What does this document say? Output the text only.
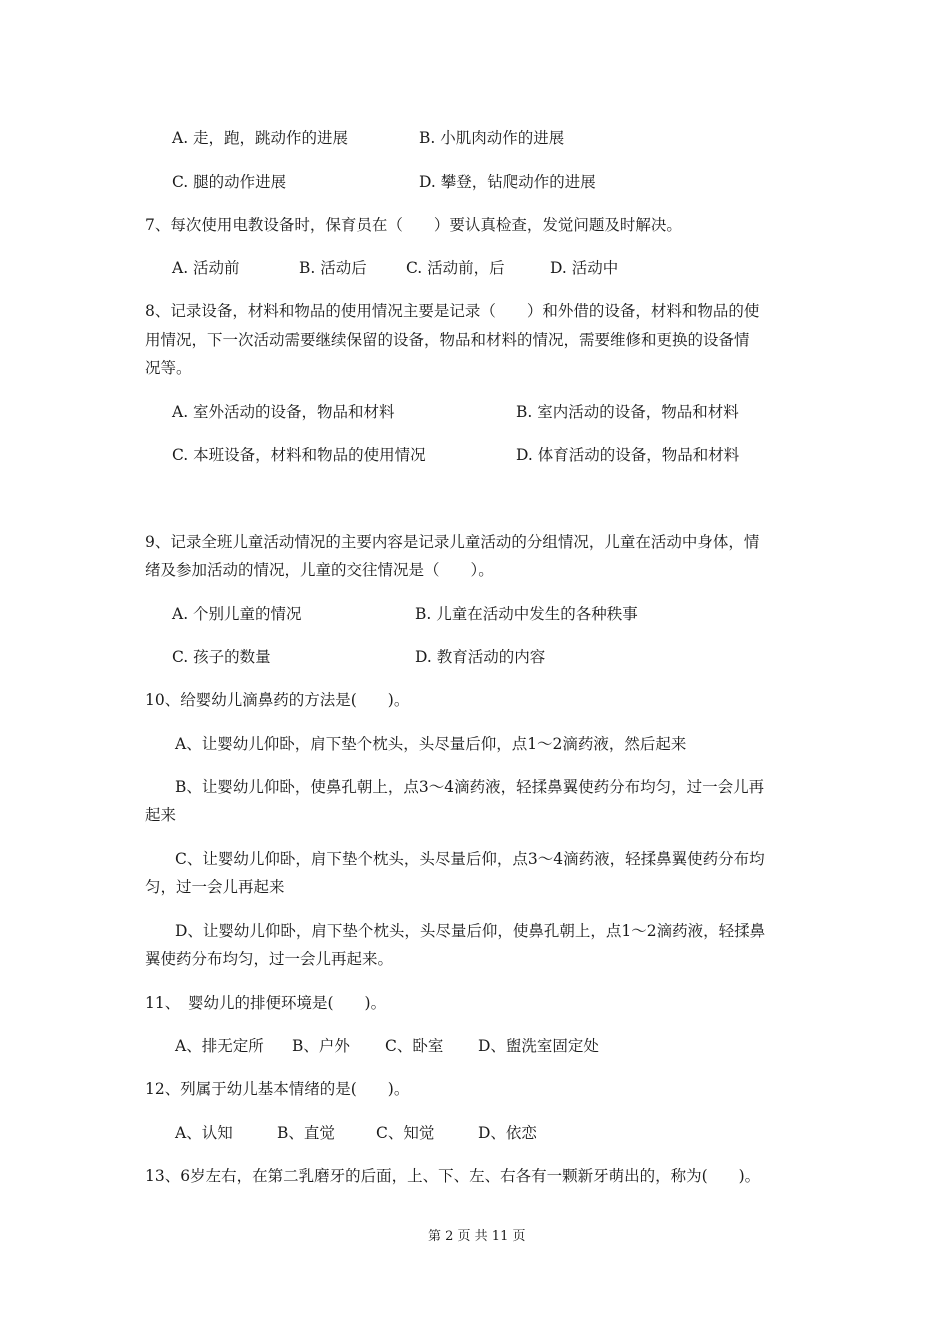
A. 走，跑，跳动作的进展	B. 小肌肉动作的进展
C. 腿的动作进展	D. 攀登，钻爬动作的进展
7、每次使用电教设备时，保育员在（　　）要认真检查，发觉问题及时解决。
A. 活动前	B. 活动后	C. 活动前，后	D. 活动中
8、记录设备，材料和物品的使用情况主要是记录（　　）和外借的设备，材料和物品的使
用情况，下一次活动需要继续保留的设备，物品和材料的情况，需要维修和更换的设备情
况等。
A. 室外活动的设备，物品和材料	B. 室内活动的设备，物品和材料
C. 本班设备，材料和物品的使用情况	D. 体育活动的设备，物品和材料
9、记录全班儿童活动情况的主要内容是记录儿童活动的分组情况，儿童在活动中身体，情
绪及参加活动的情况，儿童的交往情况是（　　）。
A. 个别儿童的情况	B. 儿童在活动中发生的各种秩事
C. 孩子的数量	D. 教育活动的内容
10、给婴幼儿滴鼻药的方法是(　　)。
A、让婴幼儿仰卧，肩下垫个枕头，头尽量后仰，点1～2滴药液，然后起来
B、让婴幼儿仰卧，使鼻孔朝上，点3～4滴药液，轻揉鼻翼使药分布均匀，过一会儿再
起来
C、让婴幼儿仰卧，肩下垫个枕头，头尽量后仰，点3～4滴药液，轻揉鼻翼使药分布均
匀，过一会儿再起来
D、让婴幼儿仰卧，肩下垫个枕头，头尽量后仰，使鼻孔朝上，点1～2滴药液，轻揉鼻
翼使药分布均匀，过一会儿再起来。
11、　婴幼儿的排便环境是(　　)。
A、排无定所 B、户外 C、卧室 D、盥洗室固定处
12、列属于幼儿基本情绪的是(　　)。
A、认知	B、直觉	C、知觉	D、依恋
13、6岁左右，在第二乳磨牙的后面，上、下、左、右各有一颗新牙萌出的，称为(　　)。
第 2 页 共 11 页
